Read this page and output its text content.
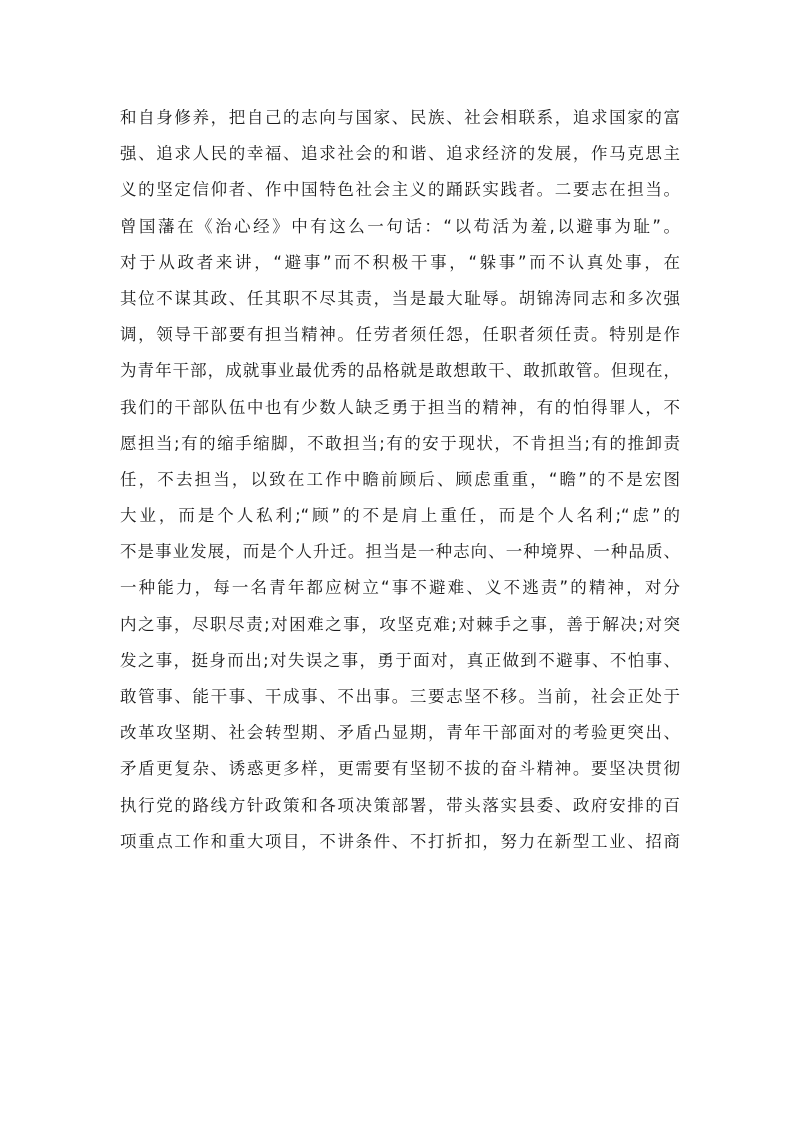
和自身修养，把自己的志向与国家、民族、社会相联系，追求国家的富
强、追求人民的幸福、追求社会的和谐、追求经济的发展，作马克思主
义的坚定信仰者、作中国特色社会主义的踊跃实践者。二要志在担当。
曾国藩在《治心经》中有这么一句话：“以苟活为羞,以避事为耻”。
对于从政者来讲，“避事”而不积极干事，“躲事”而不认真处事，在
其位不谋其政、任其职不尽其责，当是最大耻辱。胡锦涛同志和多次强
调，领导干部要有担当精神。任劳者须任怨，任职者须任责。特别是作
为青年干部，成就事业最优秀的品格就是敢想敢干、敢抓敢管。但现在，
我们的干部队伍中也有少数人缺乏勇于担当的精神，有的怕得罪人，不
愿担当;有的缩手缩脚，不敢担当;有的安于现状，不肯担当;有的推卸责
任，不去担当，以致在工作中瞻前顾后、顾虑重重，“瞻”的不是宏图
大业，而是个人私利;“顾”的不是肩上重任，而是个人名利;“虑”的
不是事业发展，而是个人升迁。担当是一种志向、一种境界、一种品质、
一种能力，每一名青年都应树立“事不避难、义不逃责”的精神，对分
内之事，尽职尽责;对困难之事，攻坚克难;对棘手之事，善于解决;对突
发之事，挺身而出;对失误之事，勇于面对，真正做到不避事、不怕事、
敢管事、能干事、干成事、不出事。三要志坚不移。当前，社会正处于
改革攻坚期、社会转型期、矛盾凸显期，青年干部面对的考验更突出、
矛盾更复杂、诱惑更多样，更需要有坚韧不拔的奋斗精神。要坚决贯彻
执行党的路线方针政策和各项决策部署，带头落实县委、政府安排的百
项重点工作和重大项目，不讲条件、不打折扣，努力在新型工业、招商
